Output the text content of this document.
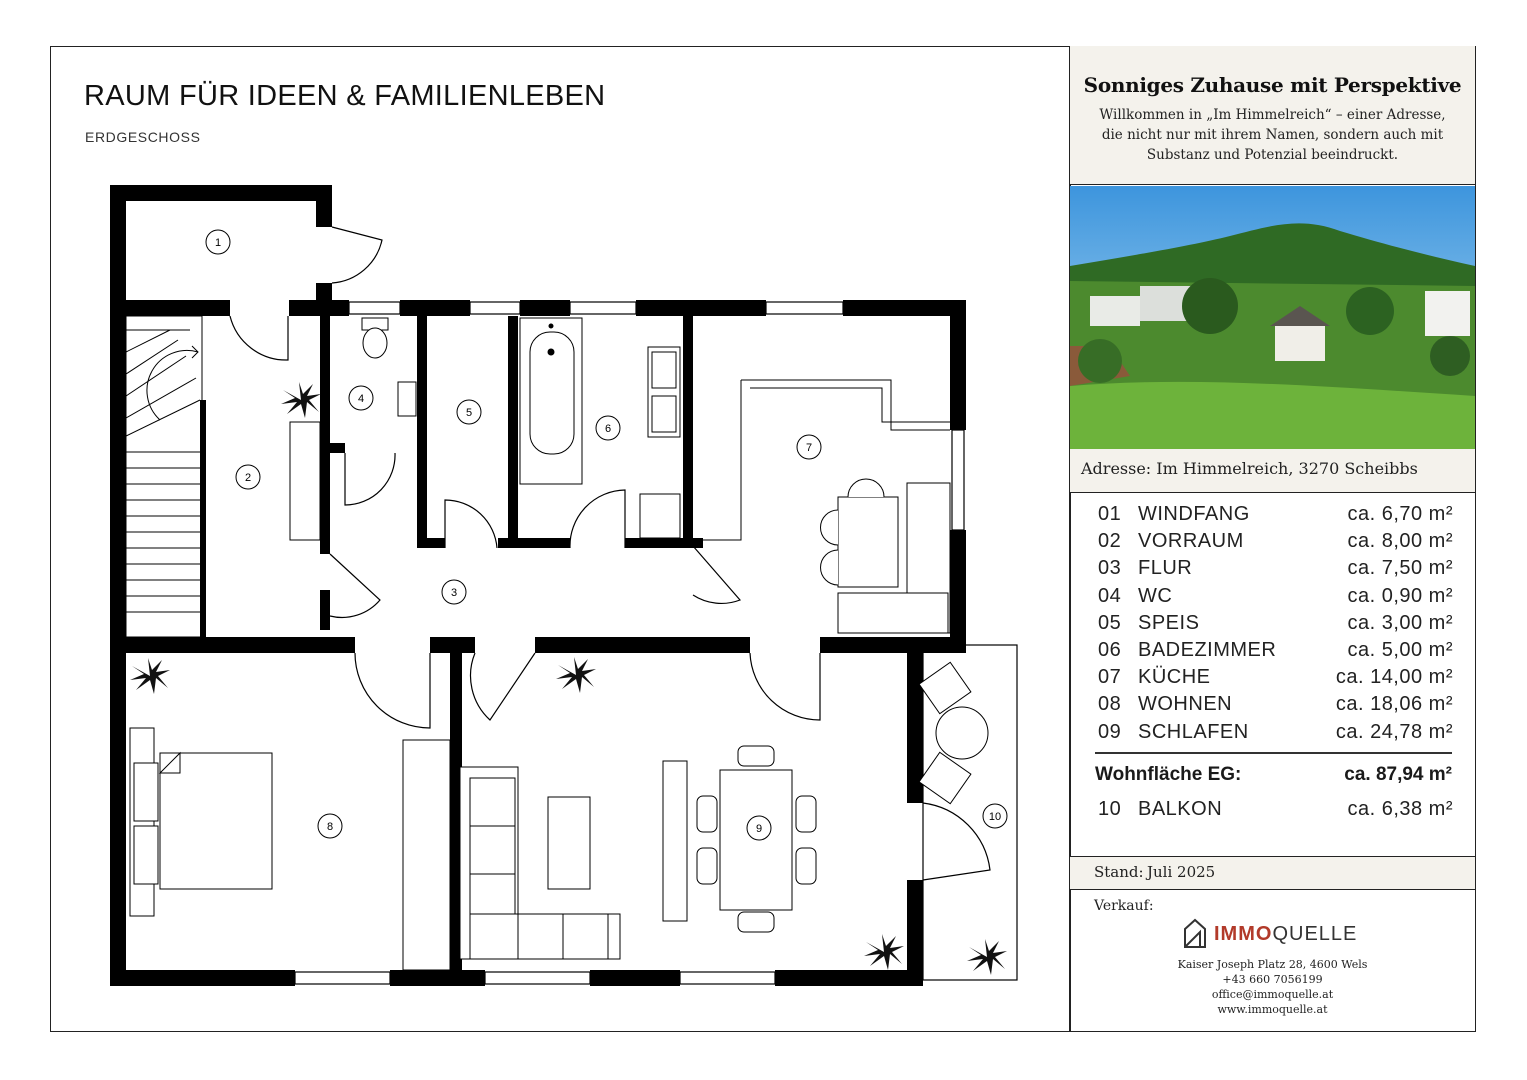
RAUM FÜR IDEEN & FAMILIENLEBEN
ERDGESCHOSS
1
2
3
4
5
6
7
8	9
10
Sonniges Zuhause mit Perspektive
Willkommen in „Im Himmelreich“ – einer Adresse, die nicht nur mit ihrem Namen, sondern auch mit Substanz und Potenzial beeindruckt.
Adresse: Im Himmelreich, 3270 Scheibbs
01 WINDFANG	ca. 6,70 m²
02 VORRAUM	ca. 8,00 m²
03 FLUR	ca. 7,50 m²
04 WC	ca. 0,90 m²
05 SPEIS	ca. 3,00 m²
06 BADEZIMMER	ca. 5,00 m²
07 KÜCHE	ca. 14,00 m²
08 WOHNEN	ca. 18,06 m²
09 SCHLAFEN	ca. 24,78 m²
Wohnfläche EG:	ca. 87,94 m²
10 BALKON	ca. 6,38 m²
Stand: Juli 2025
Verkauf:
IMMOQUELLE
Kaiser Joseph Platz 28, 4600 Wels
+43 660 7056199
office@immoquelle.at
www.immoquelle.at
